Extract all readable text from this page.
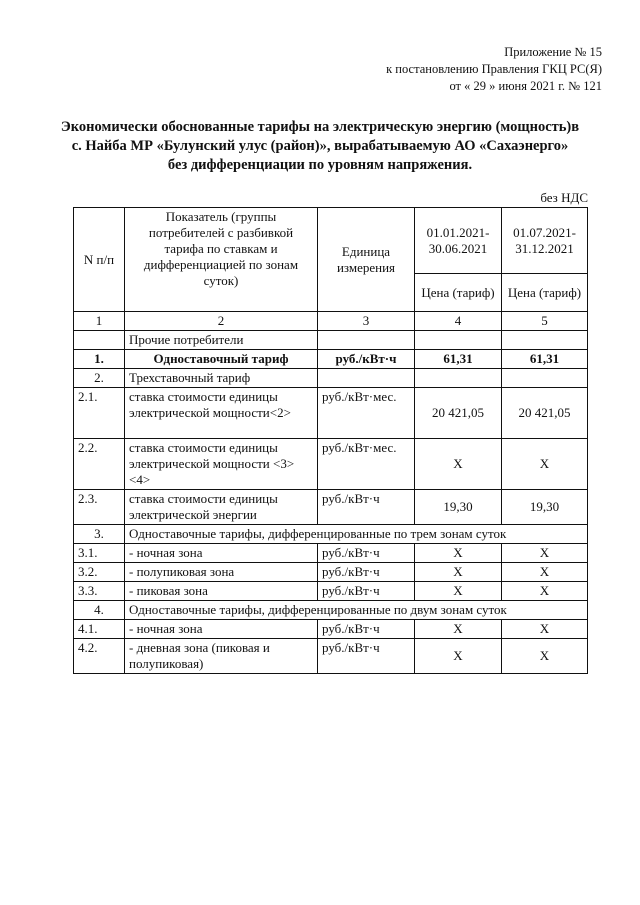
Приложение № 15
к постановлению Правления ГКЦ РС(Я)
от « 29 » июня 2021 г. № 121
Экономически обоснованные тарифы на электрическую энергию (мощность)в
с. Найба МР «Булунский улус (район)», вырабатываемую АО «Сахаэнерго»
без дифференциации по уровням напряжения.
без НДС
N п/п	Показатель (группы потребителей с разбивкой тарифа по ставкам и дифференциацией по зонам суток)	Единица измерения	01.01.2021-30.06.2021	01.07.2021-31.12.2021
			Цена (тариф)	Цена (тариф)
1	2	3	4	5
	Прочие потребители			
1.	Одноставочный тариф	руб./кВт·ч	61,31	61,31
2.	Трехставочный тариф			
2.1.	ставка стоимости единицы электрической мощности<2>	руб./кВт·мес.	20 421,05	20 421,05
2.2.	ставка стоимости единицы электрической мощности <3><4>	руб./кВт·мес.	X	X
2.3.	ставка стоимости единицы электрической энергии	руб./кВт·ч	19,30	19,30
3.	Одноставочные тарифы, дифференцированные по трем зонам суток			
3.1.	- ночная зона	руб./кВт·ч	X	X
3.2.	- полупиковая зона	руб./кВт·ч	X	X
3.3.	- пиковая зона	руб./кВт·ч	X	X
4.	Одноставочные тарифы, дифференцированные по двум зонам суток			
4.1.	- ночная зона	руб./кВт·ч	X	X
4.2.	- дневная зона (пиковая и полупиковая)	руб./кВт·ч	X	X
